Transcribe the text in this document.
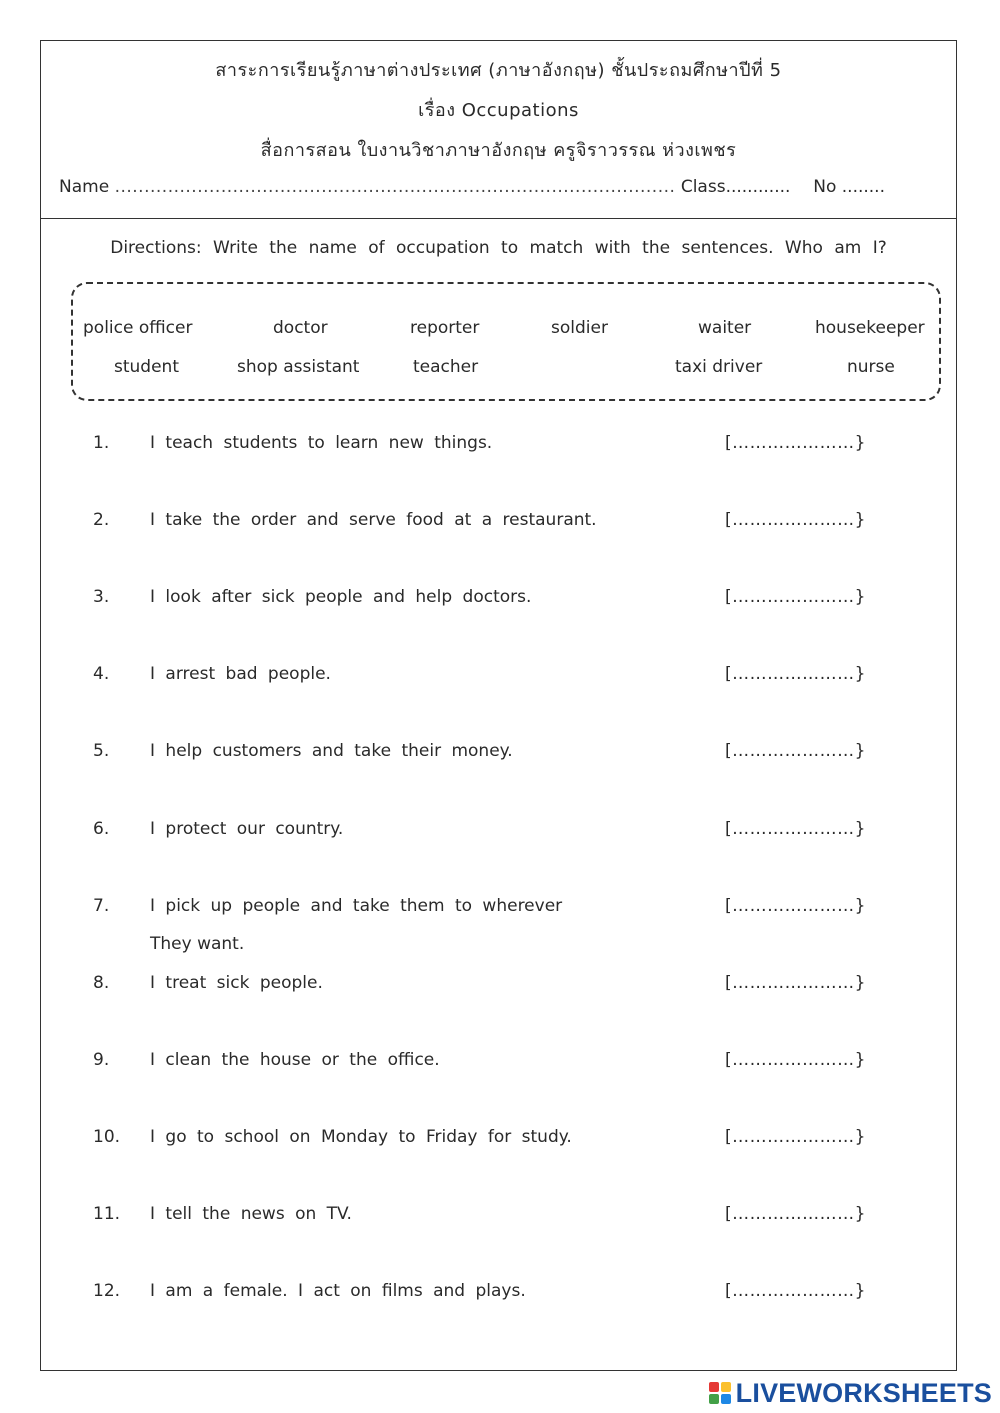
สาระการเรียนรู้ภาษาต่างประเทศ (ภาษาอังกฤษ) ชั้นประถมศึกษาปีที่ 5
เรื่อง Occupations
สื่อการสอน ใบงานวิชาภาษาอังกฤษ ครูจิราวรรณ ห่วงเพชร
Name ............................................................................................... Class............ No ........
Directions: Write the name of occupation to match with the sentences. Who am I?
police officer	doctor	reporter	soldier	waiter	housekeeper
student	shop assistant	teacher	taxi driver	nurse
1. I teach students to learn new things.	[…………………}
2. I take the order and serve food at a restaurant.	[…………………}
3. I look after sick people and help doctors.	[…………………}
4. I arrest bad people.	[…………………}
5. I help customers and take their money.	[…………………}
6. I protect our country.	[…………………}
7. I pick up people and take them to wherever
They want.
[…………………}
8. I treat sick people.	[…………………}
9. I clean the house or the office.	[…………………}
10. I go to school on Monday to Friday for study.	[…………………}
11. I tell the news on TV.	[…………………}
12. I am a female. I act on films and plays.	[…………………}
LIVEWORKSHEETS
